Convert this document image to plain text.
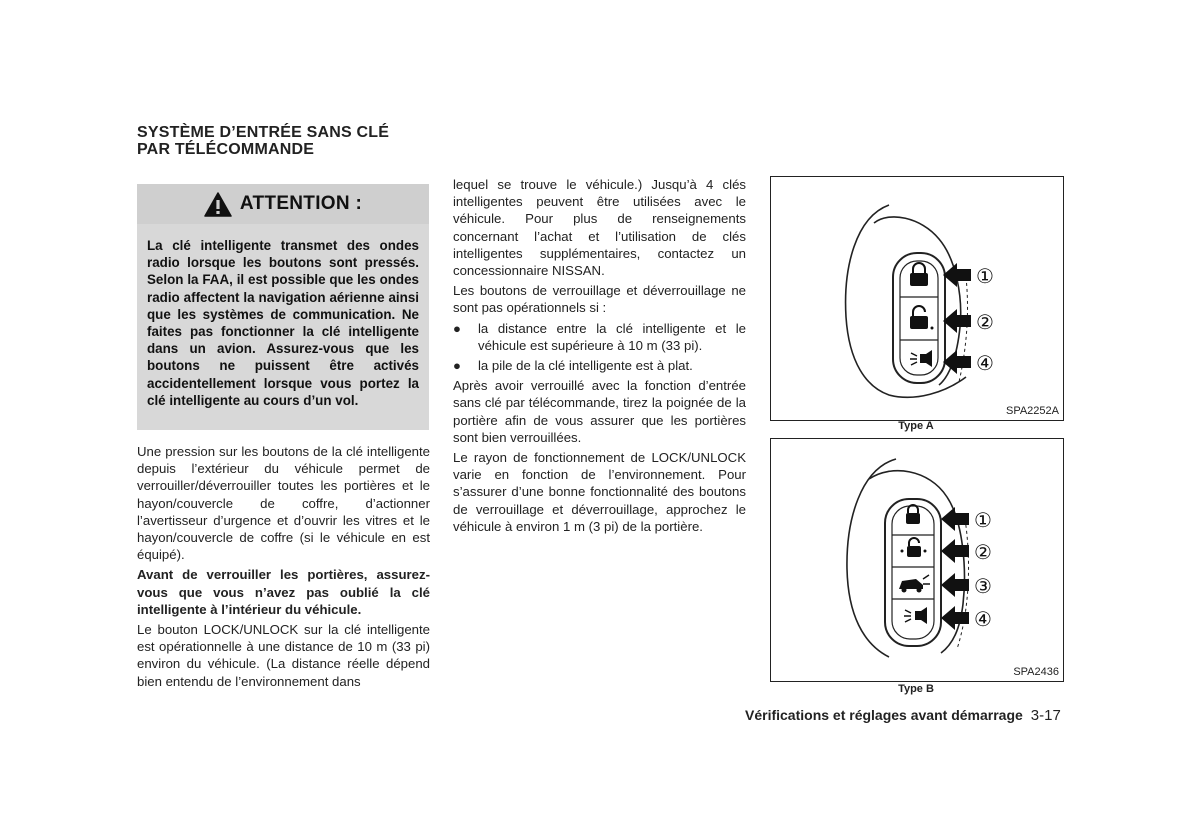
SYSTÈME D’ENTRÉE SANS CLÉ
PAR TÉLÉCOMMANDE
ATTENTION :
La clé intelligente transmet des ondes radio lorsque les boutons sont pressés. Selon la FAA, il est possible que les ondes radio affectent la navigation aérienne ainsi que les systèmes de communication. Ne faites pas fonctionner la clé intelligente dans un avion. Assurez-vous que les boutons ne puissent être activés accidentellement lorsque vous portez la clé intelligente au cours d’un vol.

Une pression sur les boutons de la clé intelligente depuis l’extérieur du véhicule permet de verrouiller/déverrouiller toutes les portières et le hayon/couvercle de coffre, d’actionner l’avertisseur d’urgence et d’ouvrir les vitres et le hayon/couvercle de coffre (si le véhicule en est équipé).

Avant de verrouiller les portières, assurez-vous que vous n’avez pas oublié la clé intelligente à l’intérieur du véhicule.

Le bouton LOCK/UNLOCK sur la clé intelligente est opérationnelle à une distance de 10 m (33 pi) environ du véhicule. (La distance réelle dépend bien entendu de l’environnement dans

lequel se trouve le véhicule.) Jusqu’à 4 clés intelligentes peuvent être utilisées avec le véhicule. Pour plus de renseignements concernant l’achat et l’utilisation de clés intelligentes supplémentaires, contactez un concessionnaire NISSAN.

Les boutons de verrouillage et déverrouillage ne sont pas opérationnels si :

● la distance entre la clé intelligente et le véhicule est supérieure à 10 m (33 pi).

● la pile de la clé intelligente est à plat.

Après avoir verrouillé avec la fonction d’entrée sans clé par télécommande, tirez la poignée de la portière afin de vous assurer que les portières sont bien verrouillées.

Le rayon de fonctionnement de LOCK/UNLOCK varie en fonction de l’environnement. Pour s’assurer d’une bonne fonctionnalité des boutons de verrouillage et déverrouillage, approchez le véhicule à environ 1 m (3 pi) de la portière.

①
②
④
SPA2252A
Type A
①
②
③
④
SPA2436
Type B
Vérifications et réglages avant démarrage 3-17
